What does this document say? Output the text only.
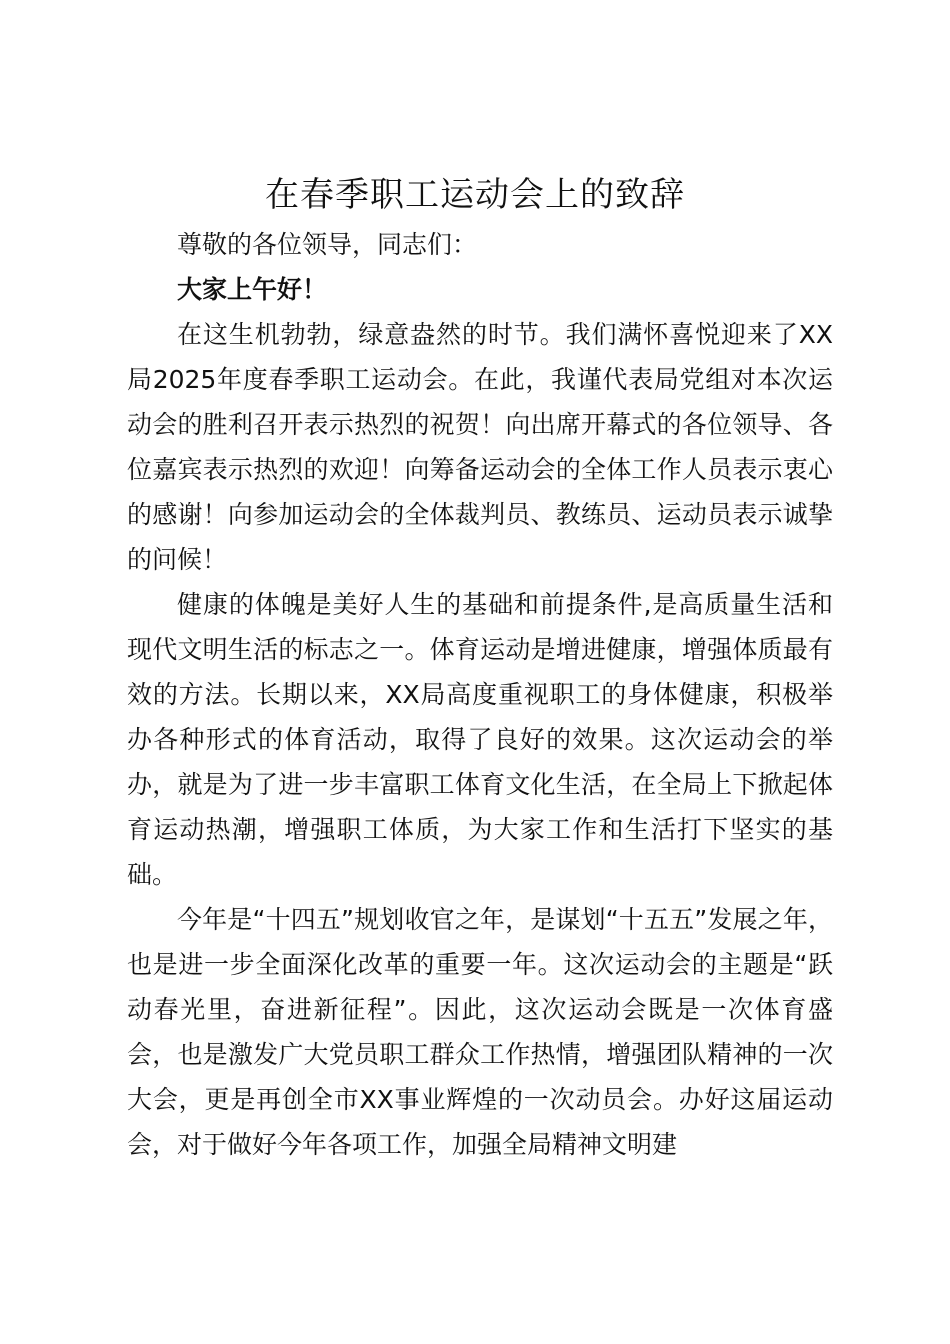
在春季职工运动会上的致辞

尊敬的各位领导，同志们：

大家上午好！

在这生机勃勃，绿意盎然的时节。我们满怀喜悦迎来了XX局2025年度春季职工运动会。在此，我谨代表局党组对本次运动会的胜利召开表示热烈的祝贺！向出席开幕式的各位领导、各位嘉宾表示热烈的欢迎！向筹备运动会的全体工作人员表示衷心的感谢！向参加运动会的全体裁判员、教练员、运动员表示诚挚的问候！

健康的体魄是美好人生的基础和前提条件,是高质量生活和现代文明生活的标志之一。体育运动是增进健康，增强体质最有效的方法。长期以来，XX局高度重视职工的身体健康，积极举办各种形式的体育活动，取得了良好的效果。这次运动会的举办，就是为了进一步丰富职工体育文化生活，在全局上下掀起体育运动热潮，增强职工体质，为大家工作和生活打下坚实的基础。

今年是“十四五”规划收官之年，是谋划“十五五”发展之年，也是进一步全面深化改革的重要一年。这次运动会的主题是“跃动春光里，奋进新征程”。因此，这次运动会既是一次体育盛会，也是激发广大党员职工群众工作热情，增强团队精神的一次大会，更是再创全市XX事业辉煌的一次动员会。办好这届运动会，对于做好今年各项工作，加强全局精神文明建
